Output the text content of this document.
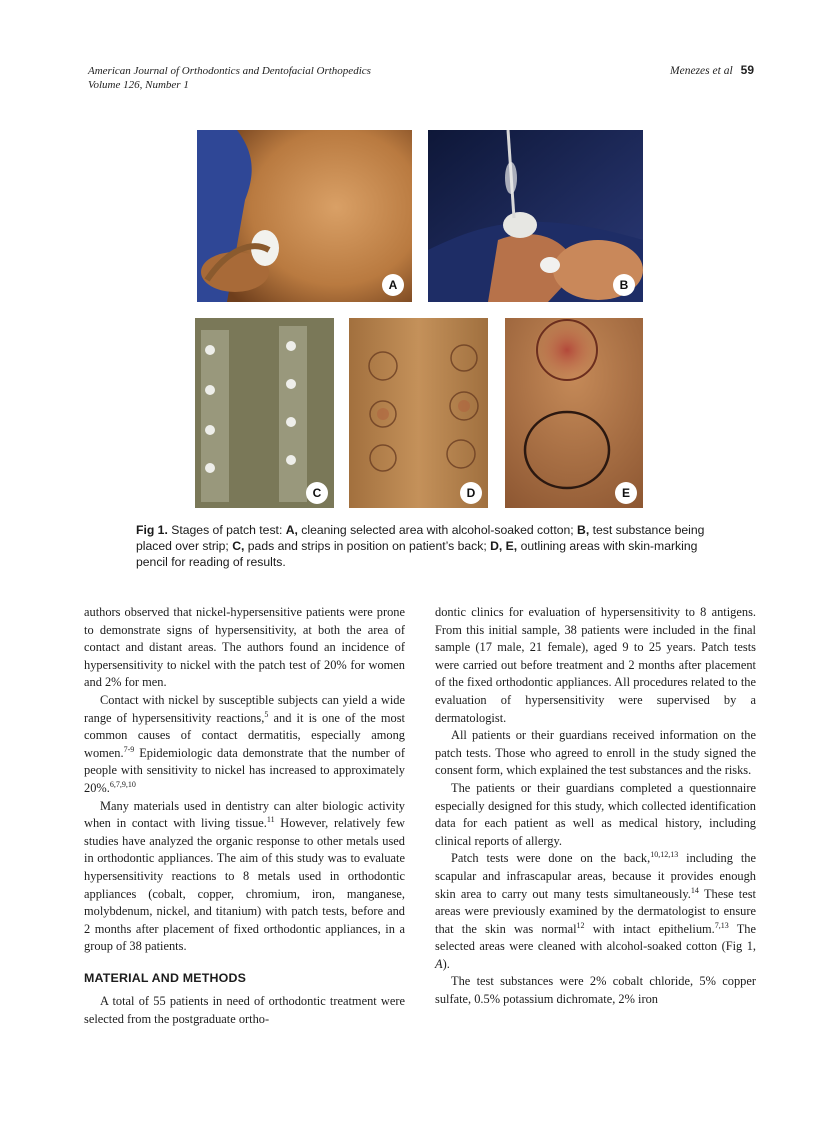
American Journal of Orthodontics and Dentofacial Orthopedics
Volume 126, Number 1
Menezes et al 59
A	B
C	D	E
Fig 1. Stages of patch test: A, cleaning selected area with alcohol-soaked cotton; B, test substance being placed over strip; C, pads and strips in position on patient’s back; D, E, outlining areas with skin-marking pencil for reading of results.

authors observed that nickel-hypersensitive patients were prone to demonstrate signs of hypersensitivity, at both the area of contact and distant areas. The authors found an incidence of hypersensitivity to nickel with the patch test of 20% for women and 2% for men.

Contact with nickel by susceptible subjects can yield a wide range of hypersensitivity reactions,$^5$ and it is one of the most common causes of contact dermatitis, especially among women.$^{7-9}$ Epidemiologic data demonstrate that the number of people with sensitivity to nickel has increased to approximately 20%.$^{6,7,9,10}$

Many materials used in dentistry can alter biologic activity when in contact with living tissue.$^{11}$ However, relatively few studies have analyzed the organic response to other metals used in orthodontic appliances. The aim of this study was to evaluate hypersensitivity reactions to 8 metals used in orthodontic appliances (cobalt, copper, chromium, iron, manganese, molybdenum, nickel, and titanium) with patch tests, before and 2 months after placement of fixed orthodontic appliances, in a group of 38 patients.

MATERIAL AND METHODS

A total of 55 patients in need of orthodontic treatment were selected from the postgraduate ortho-

dontic clinics for evaluation of hypersensitivity to 8 antigens. From this initial sample, 38 patients were included in the final sample (17 male, 21 female), aged 9 to 25 years. Patch tests were carried out before treatment and 2 months after placement of the fixed orthodontic appliances. All procedures related to the evaluation of hypersensitivity were supervised by a dermatologist.

All patients or their guardians received information on the patch tests. Those who agreed to enroll in the study signed the consent form, which explained the test substances and the risks.

The patients or their guardians completed a questionnaire especially designed for this study, which collected identification data for each patient as well as medical history, including clinical reports of allergy.

Patch tests were done on the back,$^{10,12,13}$ including the scapular and infrascapular areas, because it provides enough skin area to carry out many tests simultaneously.$^{14}$ These test areas were previously examined by the dermatologist to ensure that the skin was normal$^{12}$ with intact epithelium.$^{7,13}$ The selected areas were cleaned with alcohol-soaked cotton (Fig 1, A).

The test substances were 2% cobalt chloride, 5% copper sulfate, 0.5% potassium dichromate, 2% iron
